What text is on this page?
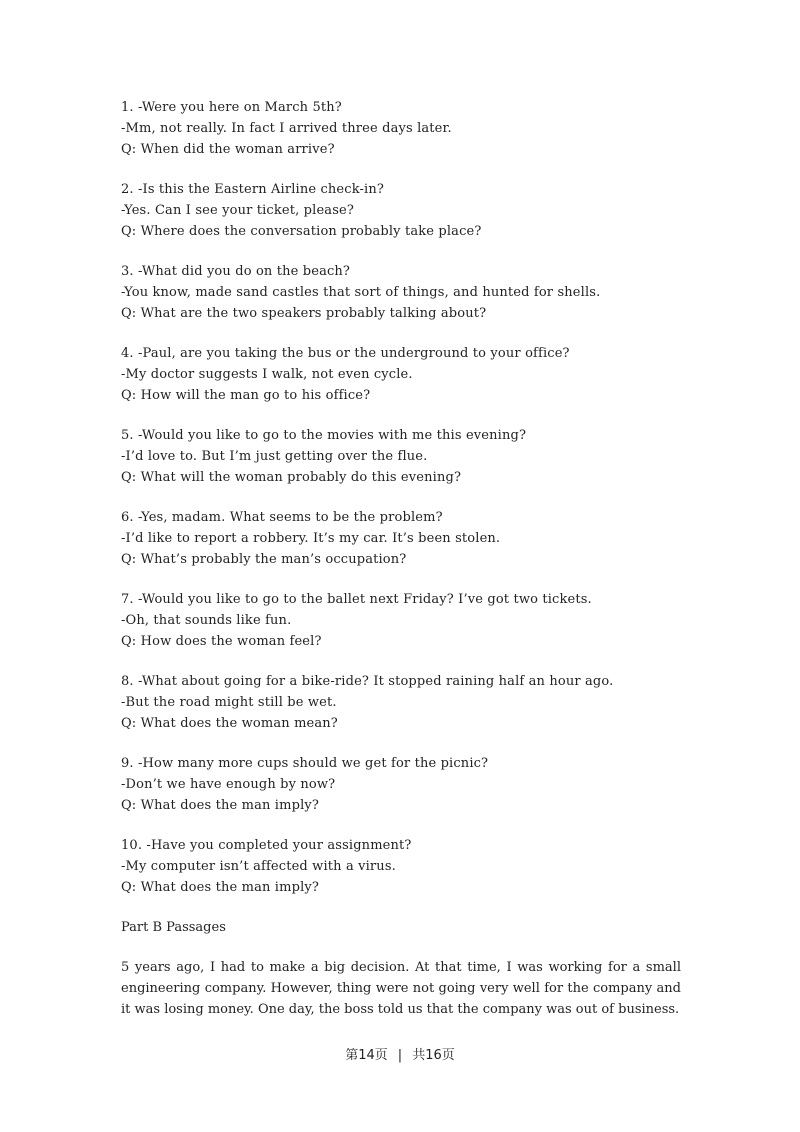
1. -Were you here on March 5th?
-Mm, not really. In fact I arrived three days later.
Q: When did the woman arrive?
2. -Is this the Eastern Airline check-in?
-Yes. Can I see your ticket, please?
Q: Where does the conversation probably take place?
3. -What did you do on the beach?
-You know, made sand castles that sort of things, and hunted for shells.
Q: What are the two speakers probably talking about?
4. -Paul, are you taking the bus or the underground to your office?
-My doctor suggests I walk, not even cycle.
Q: How will the man go to his office?
5. -Would you like to go to the movies with me this evening?
-I’d love to. But I’m just getting over the flue.
Q: What will the woman probably do this evening?
6. -Yes, madam. What seems to be the problem?
-I’d like to report a robbery. It’s my car. It’s been stolen.
Q: What’s probably the man’s occupation?
7. -Would you like to go to the ballet next Friday? I’ve got two tickets.
-Oh, that sounds like fun.
Q: How does the woman feel?
8. -What about going for a bike-ride? It stopped raining half an hour ago.
-But the road might still be wet.
Q: What does the woman mean?
9. -How many more cups should we get for the picnic?
-Don’t we have enough by now?
Q: What does the man imply?
10. -Have you completed your assignment?
-My computer isn’t affected with a virus.
Q: What does the man imply?
Part B Passages
5 years ago, I had to make a big decision. At that time, I was working for a small engineering company. However, thing were not going very well for the company and it was losing money. One day, the boss told us that the company was out of business.
第14页 | 共16页
